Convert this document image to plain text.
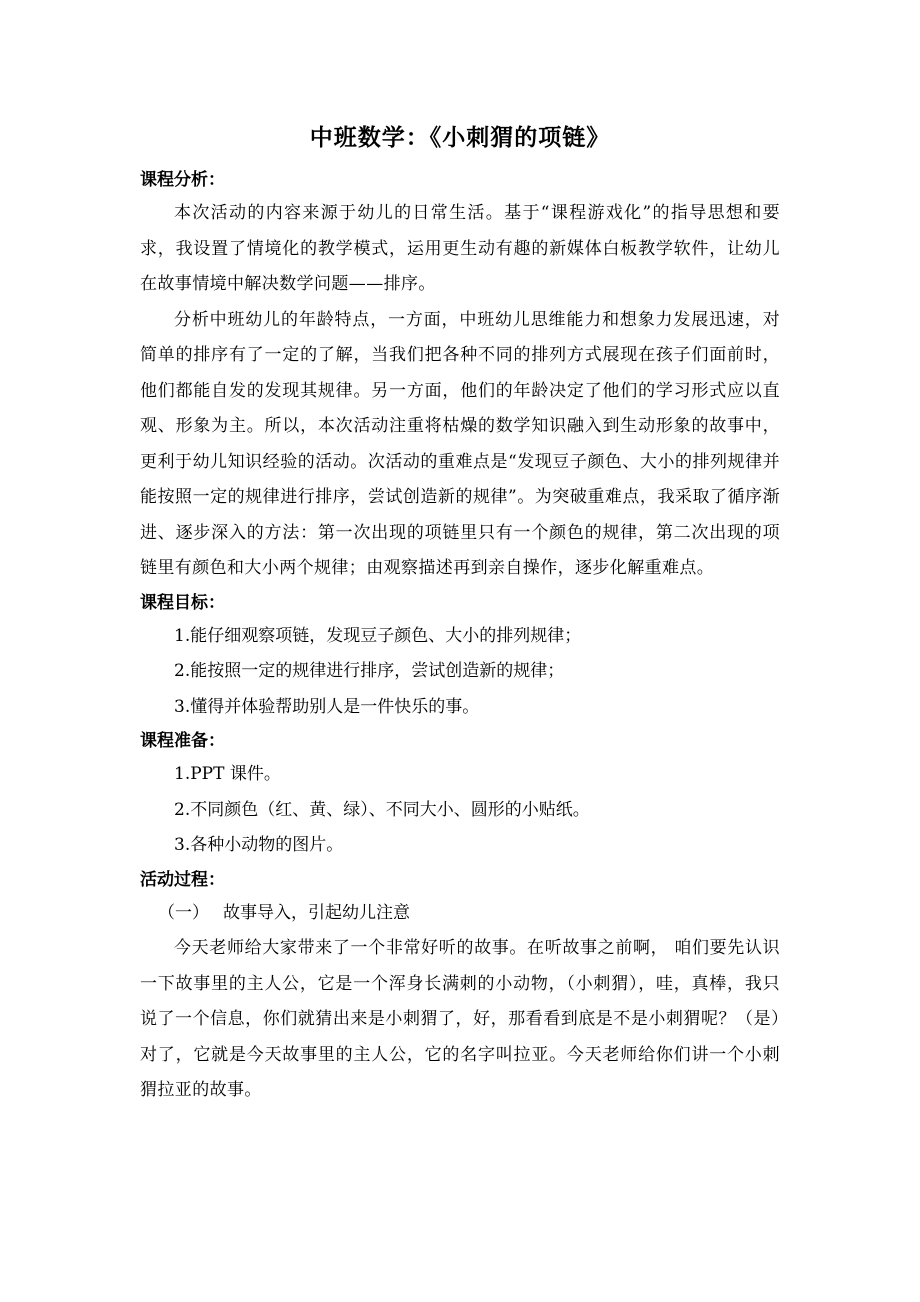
中班数学：《小刺猬的项链》

课程分析：

本次活动的内容来源于幼儿的日常生活。基于“课程游戏化”的指导思想和要求，我设置了情境化的教学模式，运用更生动有趣的新媒体白板教学软件，让幼儿在故事情境中解决数学问题——排序。

分析中班幼儿的年龄特点，一方面，中班幼儿思维能力和想象力发展迅速，对简单的排序有了一定的了解，当我们把各种不同的排列方式展现在孩子们面前时，他们都能自发的发现其规律。另一方面，他们的年龄决定了他们的学习形式应以直观、形象为主。所以，本次活动注重将枯燥的数学知识融入到生动形象的故事中，更利于幼儿知识经验的活动。次活动的重难点是“发现豆子颜色、大小的排列规律并能按照一定的规律进行排序，尝试创造新的规律”。为突破重难点，我采取了循序渐进、逐步深入的方法：第一次出现的项链里只有一个颜色的规律，第二次出现的项链里有颜色和大小两个规律；由观察描述再到亲自操作，逐步化解重难点。

课程目标：

1.能仔细观察项链，发现豆子颜色、大小的排列规律；

2.能按照一定的规律进行排序，尝试创造新的规律；

3.懂得并体验帮助别人是一件快乐的事。

课程准备：

1.PPT 课件。

2.不同颜色（红、黄、绿）、不同大小、圆形的小贴纸。

3.各种小动物的图片。

活动过程：

（一） 故事导入，引起幼儿注意

今天老师给大家带来了一个非常好听的故事。在听故事之前啊， 咱们要先认识一下故事里的主人公，它是一个浑身长满刺的小动物，（小刺猬），哇，真棒，我只说了一个信息，你们就猜出来是小刺猬了，好，那看看到底是不是小刺猬呢？（是）对了，它就是今天故事里的主人公，它的名字叫拉亚。今天老师给你们讲一个小刺猬拉亚的故事。
